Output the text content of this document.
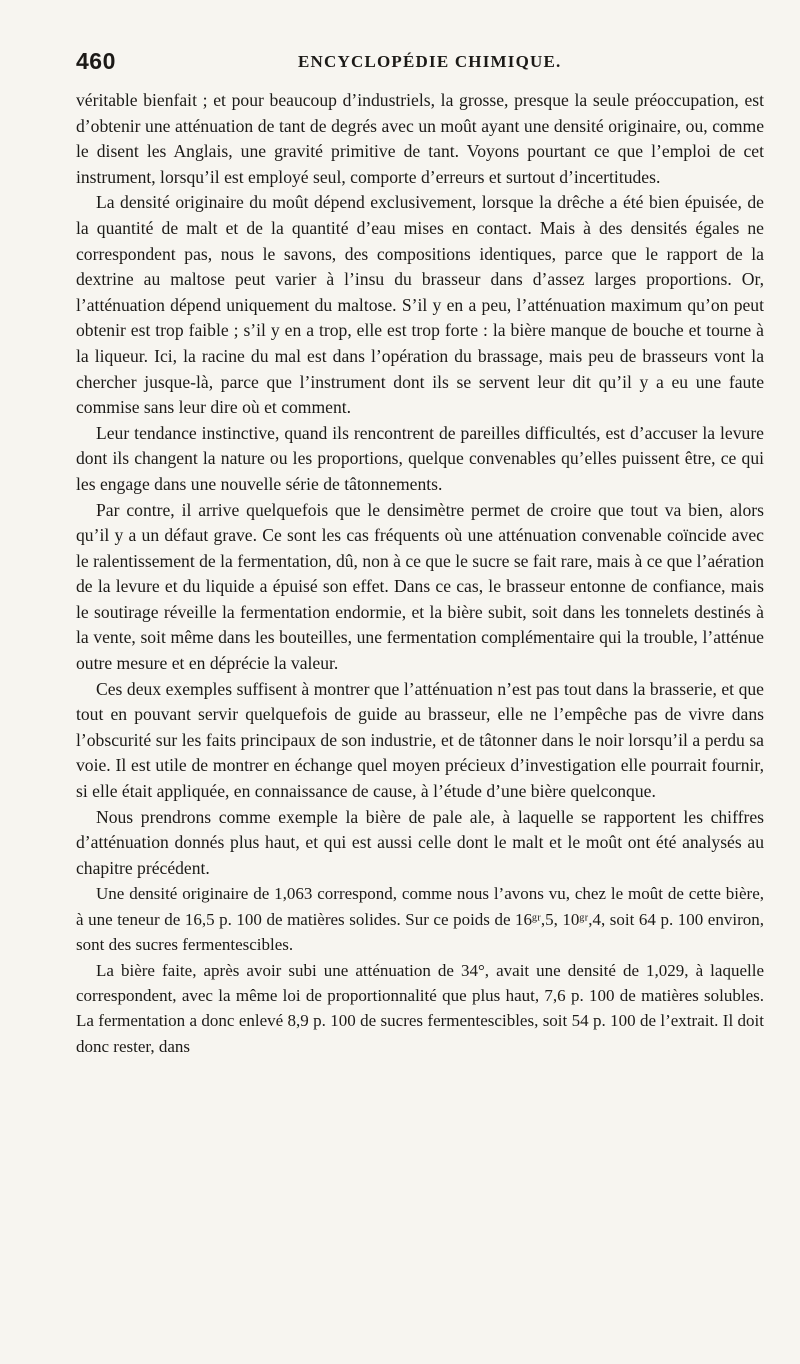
460	ENCYCLOPÉDIE CHIMIQUE.

véritable bienfait ; et pour beaucoup d’industriels, la grosse, presque la seule préoccupation, est d’obtenir une atténuation de tant de degrés avec un moût ayant une densité originaire, ou, comme le disent les Anglais, une gravité primitive de tant. Voyons pourtant ce que l’emploi de cet instrument, lorsqu’il est employé seul, comporte d’erreurs et surtout d’incertitudes.

La densité originaire du moût dépend exclusivement, lorsque la drêche a été bien épuisée, de la quantité de malt et de la quantité d’eau mises en contact. Mais à des densités égales ne correspondent pas, nous le savons, des compositions identiques, parce que le rapport de la dextrine au maltose peut varier à l’insu du brasseur dans d’assez larges proportions. Or, l’atténuation dépend uniquement du maltose. S’il y en a peu, l’atténuation maximum qu’on peut obtenir est trop faible ; s’il y en a trop, elle est trop forte : la bière manque de bouche et tourne à la liqueur. Ici, la racine du mal est dans l’opération du brassage, mais peu de brasseurs vont la chercher jusque-là, parce que l’instrument dont ils se servent leur dit qu’il y a eu une faute commise sans leur dire où et comment.

Leur tendance instinctive, quand ils rencontrent de pareilles difficultés, est d’accuser la levure dont ils changent la nature ou les proportions, quelque convenables qu’elles puissent être, ce qui les engage dans une nouvelle série de tâtonnements.

Par contre, il arrive quelquefois que le densimètre permet de croire que tout va bien, alors qu’il y a un défaut grave. Ce sont les cas fréquents où une atténuation convenable coïncide avec le ralentissement de la fermentation, dû, non à ce que le sucre se fait rare, mais à ce que l’aération de la levure et du liquide a épuisé son effet. Dans ce cas, le brasseur entonne de confiance, mais le soutirage réveille la fermentation endormie, et la bière subit, soit dans les tonnelets destinés à la vente, soit même dans les bouteilles, une fermentation complémentaire qui la trouble, l’atténue outre mesure et en déprécie la valeur.

Ces deux exemples suffisent à montrer que l’atténuation n’est pas tout dans la brasserie, et que tout en pouvant servir quelquefois de guide au brasseur, elle ne l’empêche pas de vivre dans l’obscurité sur les faits principaux de son industrie, et de tâtonner dans le noir lorsqu’il a perdu sa voie. Il est utile de montrer en échange quel moyen précieux d’investigation elle pourrait fournir, si elle était appliquée, en connaissance de cause, à l’étude d’une bière quelconque.

Nous prendrons comme exemple la bière de pale ale, à laquelle se rapportent les chiffres d’atténuation donnés plus haut, et qui est aussi celle dont le malt et le moût ont été analysés au chapitre précédent.

Une densité originaire de 1,063 correspond, comme nous l’avons vu, chez le moût de cette bière, à une teneur de 16,5 p. 100 de matières solides. Sur ce poids de 16ᵍʳ,5, 10ᵍʳ,4, soit 64 p. 100 environ, sont des sucres fermentescibles.

La bière faite, après avoir subi une atténuation de 34°, avait une densité de 1,029, à laquelle correspondent, avec la même loi de proportionnalité que plus haut, 7,6 p. 100 de matières solubles. La fermentation a donc enlevé 8,9 p. 100 de sucres fermentescibles, soit 54 p. 100 de l’extrait. Il doit donc rester, dans
